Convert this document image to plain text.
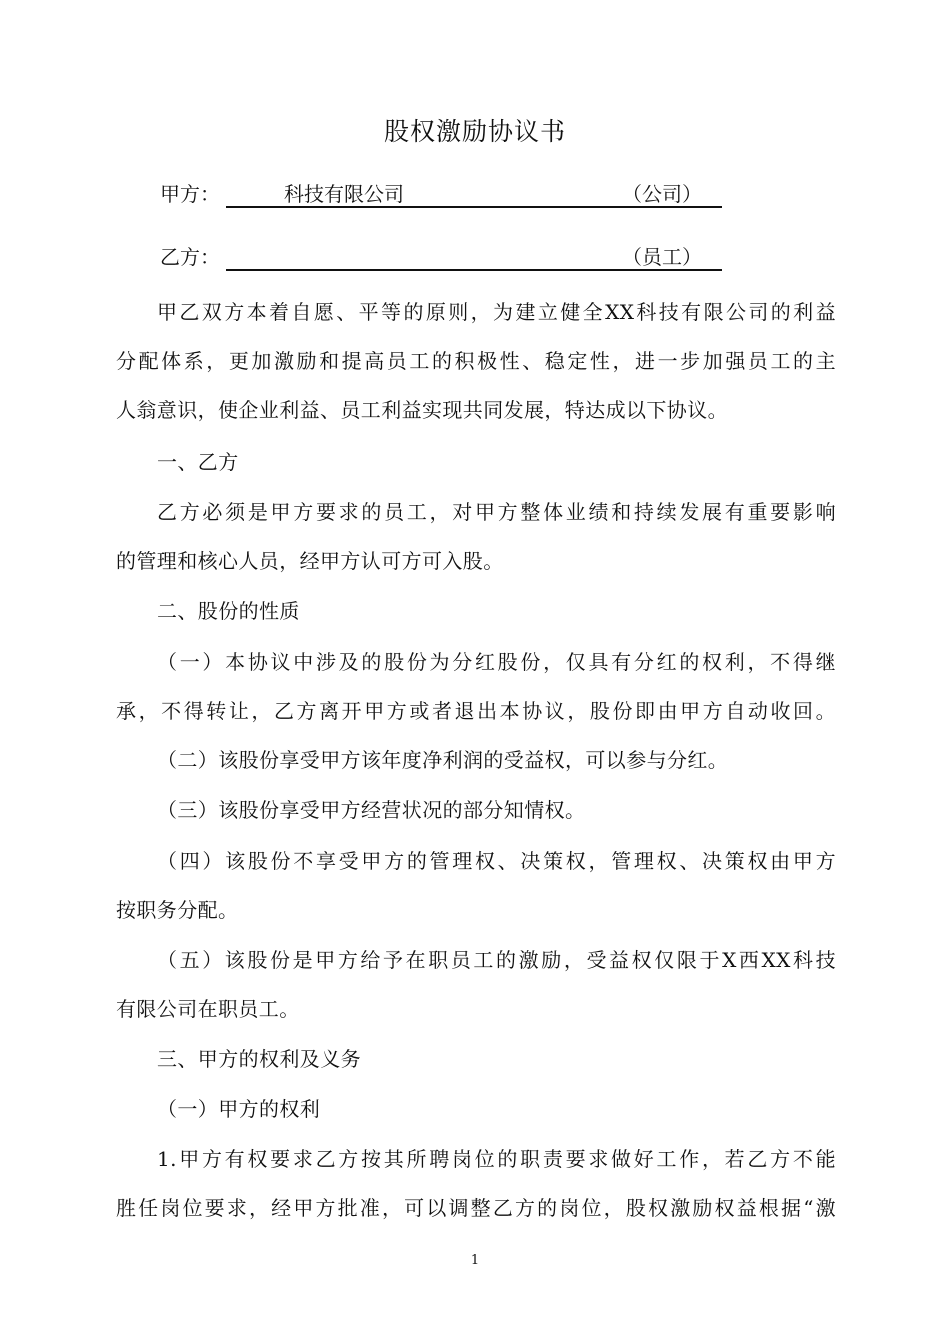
股权激励协议书
甲方：	科技有限公司	（公司）
乙方：	（员工）
甲乙双方本着自愿、平等的原则，为建立健全XX科技有限公司的利益
分配体系，更加激励和提高员工的积极性、稳定性，进一步加强员工的主
人翁意识，使企业利益、员工利益实现共同发展，特达成以下协议。
一、乙方
乙方必须是甲方要求的员工，对甲方整体业绩和持续发展有重要影响
的管理和核心人员，经甲方认可方可入股。
二、股份的性质
（一）本协议中涉及的股份为分红股份，仅具有分红的权利，不得继
承，不得转让，乙方离开甲方或者退出本协议，股份即由甲方自动收回。
（二）该股份享受甲方该年度净利润的受益权，可以参与分红。
（三）该股份享受甲方经营状况的部分知情权。
（四）该股份不享受甲方的管理权、决策权，管理权、决策权由甲方
按职务分配。
（五）该股份是甲方给予在职员工的激励，受益权仅限于X西XX科技
有限公司在职员工。
三、甲方的权利及义务
（一）甲方的权利
1.甲方有权要求乙方按其所聘岗位的职责要求做好工作，若乙方不能
胜任岗位要求，经甲方批准，可以调整乙方的岗位，股权激励权益根据“激
1
